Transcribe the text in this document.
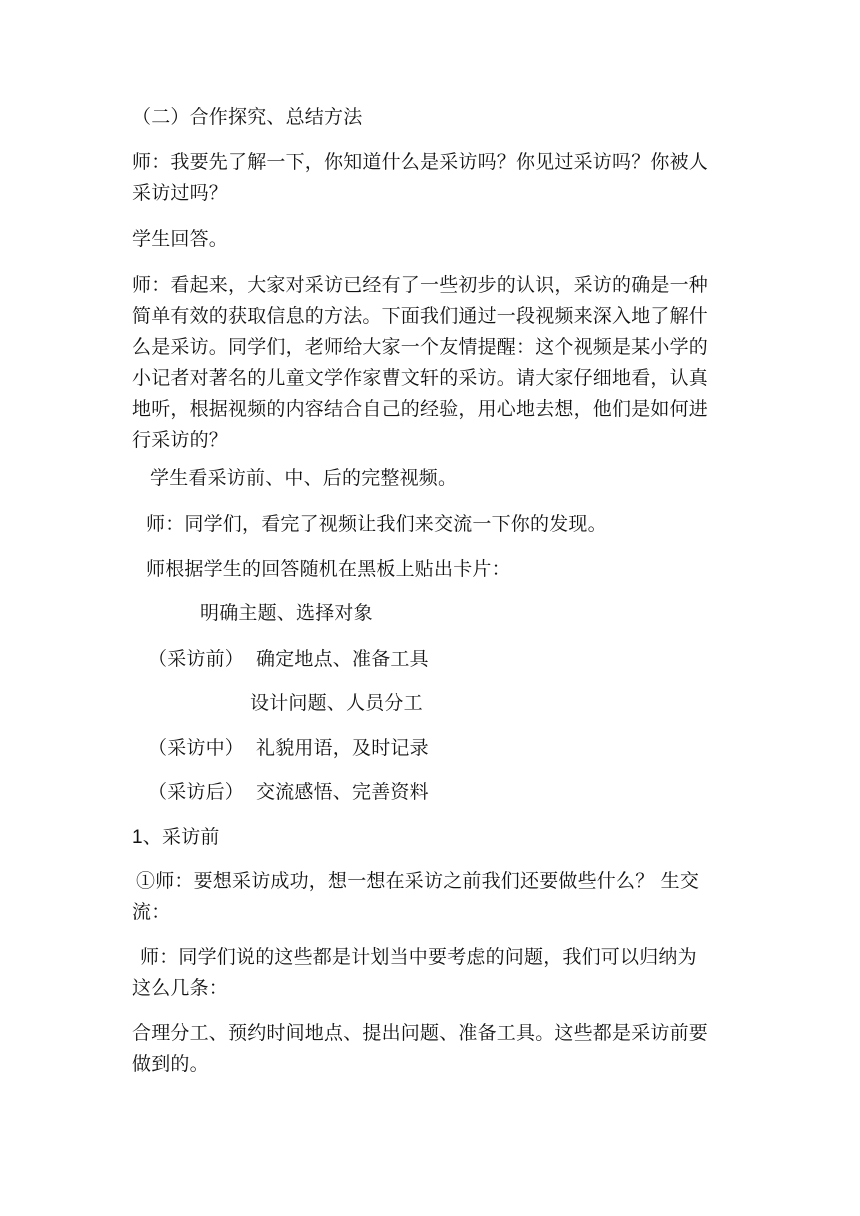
（二）合作探究、总结方法

师：我要先了解一下，你知道什么是采访吗？你见过采访吗？你被人

采访过吗？

学生回答。

师：看起来，大家对采访已经有了一些初步的认识，采访的确是一种

简单有效的获取信息的方法。下面我们通过一段视频来深入地了解什

么是采访。同学们，老师给大家一个友情提醒：这个视频是某小学的

小记者对著名的儿童文学作家曹文轩的采访。请大家仔细地看，认真

地听，根据视频的内容结合自己的经验，用心地去想，他们是如何进

行采访的？

学生看采访前、中、后的完整视频。

师：同学们，看完了视频让我们来交流一下你的发现。

师根据学生的回答随机在黑板上贴出卡片：

明确主题、选择对象

（采访前） 确定地点、准备工具

设计问题、人员分工

（采访中） 礼貌用语，及时记录

（采访后） 交流感悟、完善资料

1、采访前

①师：要想采访成功，想一想在采访之前我们还要做些什么？ 生交

流：

师：同学们说的这些都是计划当中要考虑的问题，我们可以归纳为

这么几条：

合理分工、预约时间地点、提出问题、准备工具。这些都是采访前要

做到的。
